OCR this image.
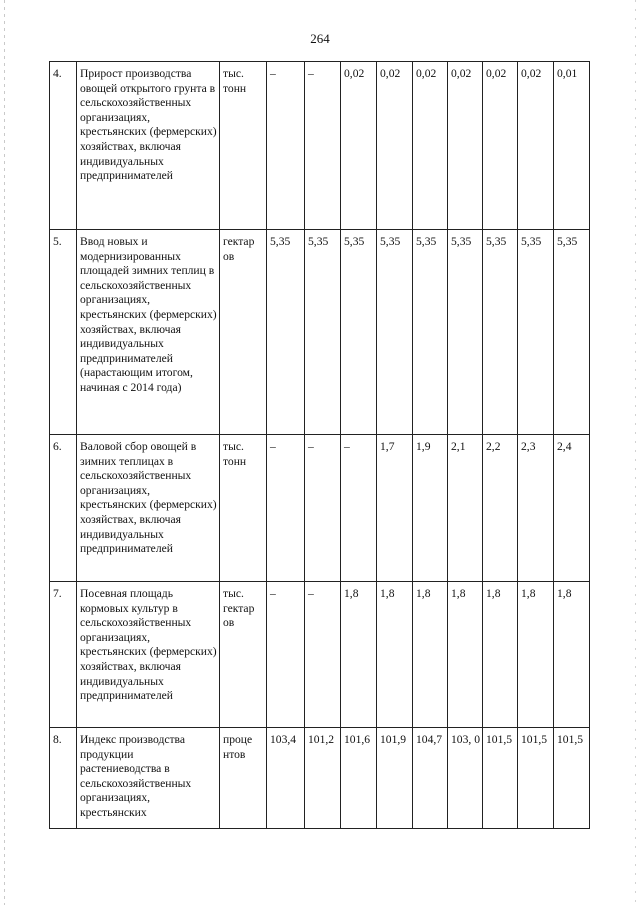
264
4.	Прирост производства овощей открытого грунта в сельскохозяйственных организациях, крестьянских (фермерских) хозяйствах, включая индивидуальных предпринимателей	тыс. тонн	–	–	0,02	0,02	0,02	0,02	0,02	0,02	0,01
5.	Ввод новых и модернизированных площадей зимних теплиц в сельскохозяйственных организациях, крестьянских (фермерских) хозяйствах, включая индивидуальных предпринимателей (нарастающим итогом, начиная с 2014 года)	гектар ов	5,35	5,35	5,35	5,35	5,35	5,35	5,35	5,35	5,35
6.	Валовой сбор овощей в зимних теплицах в сельскохозяйственных организациях, крестьянских (фермерских) хозяйствах, включая индивидуальных предпринимателей	тыс. тонн	–	–	–	1,7	1,9	2,1	2,2	2,3	2,4
7.	Посевная площадь кормовых культур в сельскохозяйственных организациях, крестьянских (фермерских) хозяйствах, включая индивидуальных предпринимателей	тыс. гектар ов	–	–	1,8	1,8	1,8	1,8	1,8	1,8	1,8
8.	Индекс производства продукции растениеводства в сельскохозяйственных организациях, крестьянских	проце нтов	103,4	101,2	101,6	101,9	104,7	103, 0	101,5	101,5	101,5
